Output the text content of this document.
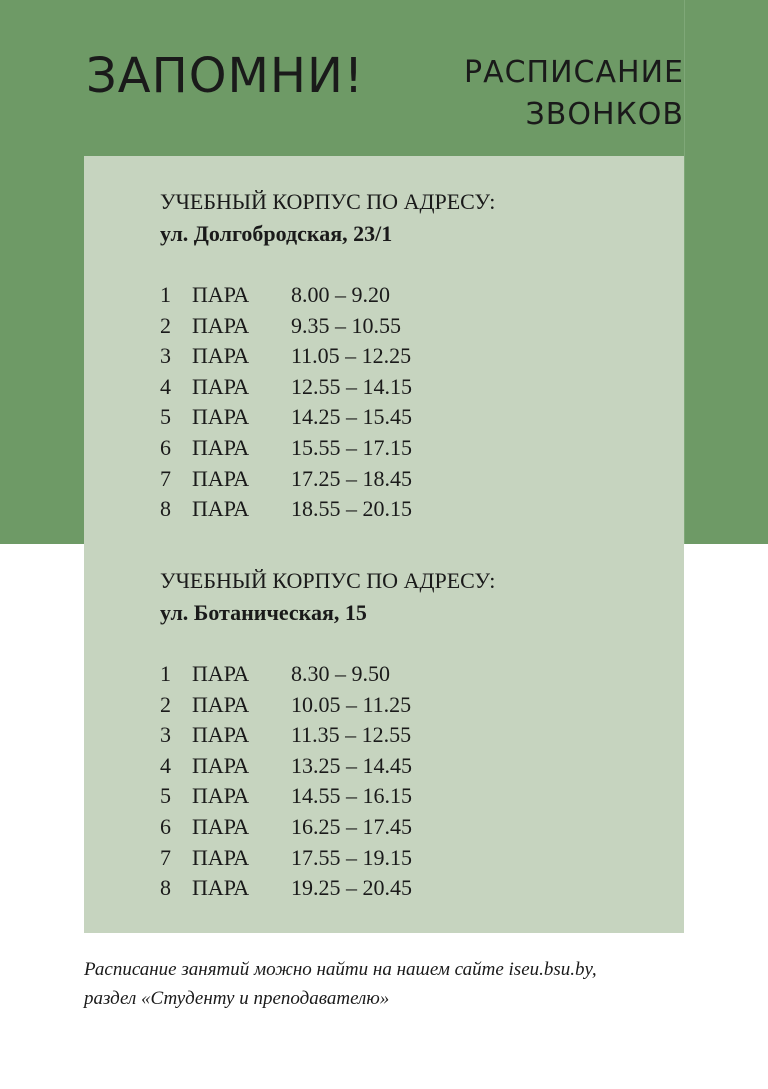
ЗАПОМНИ!	РАСПИСАНИЕ
ЗВОНКОВ
УЧЕБНЫЙ КОРПУС ПО АДРЕСУ:
ул. Долгобродская, 23/1
1 ПАРА 8.00 – 9.20
2 ПАРА 9.35 – 10.55
3 ПАРА 11.05 – 12.25
4 ПАРА 12.55 – 14.15
5 ПАРА 14.25 – 15.45
6 ПАРА 15.55 – 17.15
7 ПАРА 17.25 – 18.45
8 ПАРА 18.55 – 20.15
УЧЕБНЫЙ КОРПУС ПО АДРЕСУ:
ул. Ботаническая, 15
1 ПАРА 8.30 – 9.50
2 ПАРА 10.05 – 11.25
3 ПАРА 11.35 – 12.55
4 ПАРА 13.25 – 14.45
5 ПАРА 14.55 – 16.15
6 ПАРА 16.25 – 17.45
7 ПАРА 17.55 – 19.15
8 ПАРА 19.25 – 20.45
Расписание занятий можно найти на нашем сайте iseu.bsu.by,
раздел «Студенту и преподавателю»
